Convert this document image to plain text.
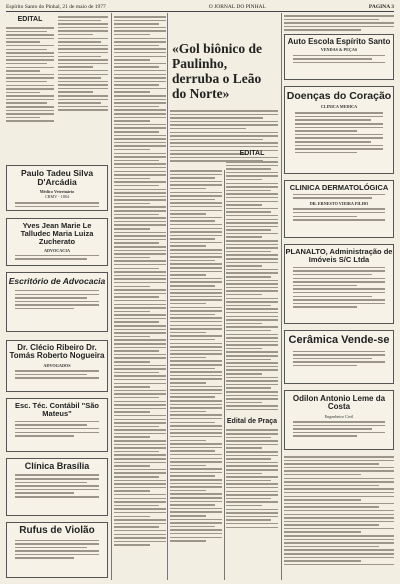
Espírito Santo do Pinhal, 21 de maio de 1977	O JORNAL DO PINHAL	PAGINA 3
EDITAL
Paulo Tadeu Silva D'Arcádia
Médico Veterinário
CRMV - 1804
Yves Jean Marie Le Talludec Maria Luiza Zucherato
ADVOCACIA
Escritório de Advocacia
Dr. Clécio Ribeiro Dr. Tomás Roberto Nogueira
ADVOGADOS
Esc. Téc. Contábil "São Mateus"
Clínica Brasília
Rufus de Violão
«Gol biônico de Paulinho, derruba o Leão do Norte»
EDITAL
Edital de Praça
Auto Escola Espírito Santo
VENDAS & PEÇAS
Doenças do Coração
CLINICA MEDICA
CLINICA DERMATOLÓGICA
DR. ERNESTO VIEIRA FILHO
PLANALTO, Administração de Imóveis S/C Ltda
Cerâmica Vende-se
Odilon Antonio Leme da Costa
Engenheiro Civil
